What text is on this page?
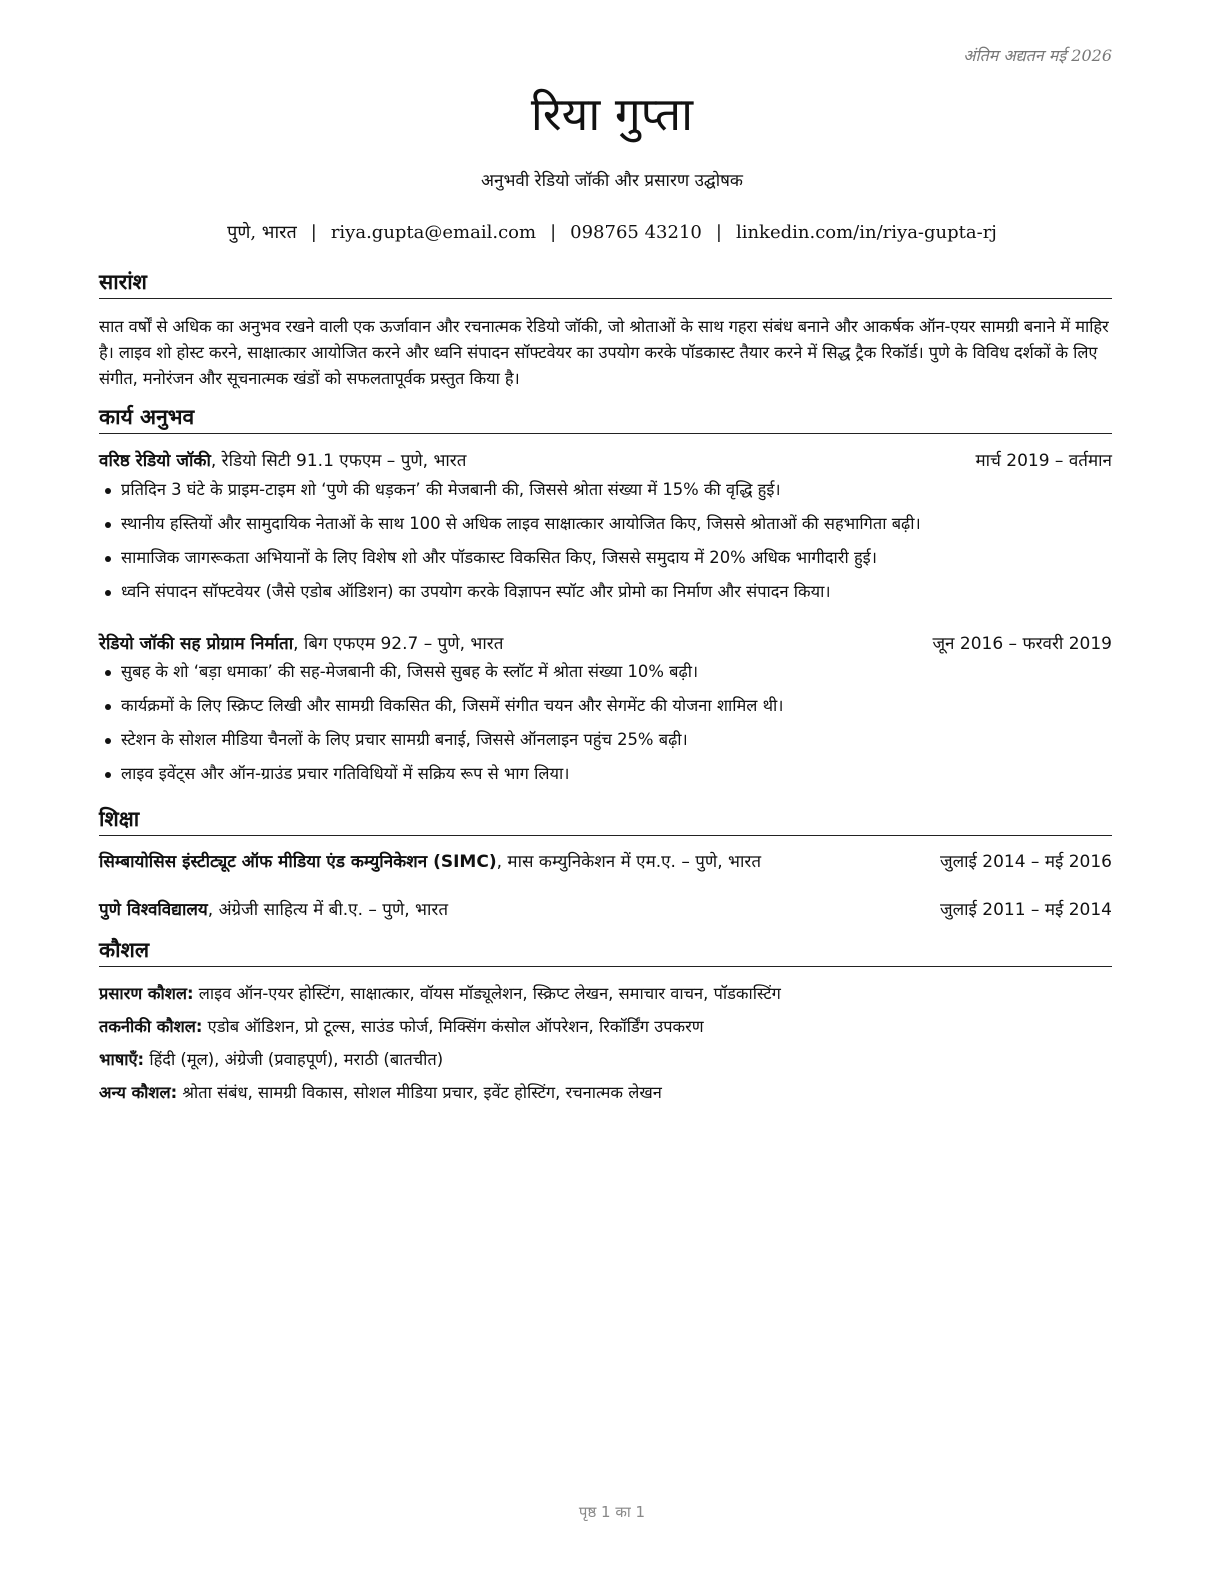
अंतिम अद्यतन मई 2026
रिया गुप्ता
अनुभवी रेडियो जॉकी और प्रसारण उद्घोषक
पुणे, भारत | riya.gupta@email.com | 098765 43210 | linkedin.com/in/riya-gupta-rj
सारांश

सात वर्षों से अधिक का अनुभव रखने वाली एक ऊर्जावान और रचनात्मक रेडियो जॉकी, जो श्रोताओं के साथ गहरा संबंध बनाने और आकर्षक ऑन-एयर सामग्री बनाने में माहिर है। लाइव शो होस्ट करने, साक्षात्कार आयोजित करने और ध्वनि संपादन सॉफ्टवेयर का उपयोग करके पॉडकास्ट तैयार करने में सिद्ध ट्रैक रिकॉर्ड। पुणे के विविध दर्शकों के लिए संगीत, मनोरंजन और सूचनात्मक खंडों को सफलतापूर्वक प्रस्तुत किया है।

कार्य अनुभव
वरिष्ठ रेडियो जॉकी, रेडियो सिटी 91.1 एफएम – पुणे, भारत	मार्च 2019 – वर्तमान
प्रतिदिन 3 घंटे के प्राइम-टाइम शो ‘पुणे की धड़कन’ की मेजबानी की, जिससे श्रोता संख्या में 15% की वृद्धि हुई।
स्थानीय हस्तियों और सामुदायिक नेताओं के साथ 100 से अधिक लाइव साक्षात्कार आयोजित किए, जिससे श्रोताओं की सहभागिता बढ़ी।
सामाजिक जागरूकता अभियानों के लिए विशेष शो और पॉडकास्ट विकसित किए, जिससे समुदाय में 20% अधिक भागीदारी हुई।
ध्वनि संपादन सॉफ्टवेयर (जैसे एडोब ऑडिशन) का उपयोग करके विज्ञापन स्पॉट और प्रोमो का निर्माण और संपादन किया।
रेडियो जॉकी सह प्रोग्राम निर्माता, बिग एफएम 92.7 – पुणे, भारत	जून 2016 – फरवरी 2019
सुबह के शो ‘बड़ा धमाका’ की सह-मेजबानी की, जिससे सुबह के स्लॉट में श्रोता संख्या 10% बढ़ी।
कार्यक्रमों के लिए स्क्रिप्ट लिखी और सामग्री विकसित की, जिसमें संगीत चयन और सेगमेंट की योजना शामिल थी।
स्टेशन के सोशल मीडिया चैनलों के लिए प्रचार सामग्री बनाई, जिससे ऑनलाइन पहुंच 25% बढ़ी।
लाइव इवेंट्स और ऑन-ग्राउंड प्रचार गतिविधियों में सक्रिय रूप से भाग लिया।
शिक्षा
सिम्बायोसिस इंस्टीट्यूट ऑफ मीडिया एंड कम्युनिकेशन (SIMC), मास कम्युनिकेशन में एम.ए. – पुणे, भारत	जुलाई 2014 – मई 2016
पुणे विश्वविद्यालय, अंग्रेजी साहित्य में बी.ए. – पुणे, भारत	जुलाई 2011 – मई 2014
कौशल
प्रसारण कौशल: लाइव ऑन-एयर होस्टिंग, साक्षात्कार, वॉयस मॉड्यूलेशन, स्क्रिप्ट लेखन, समाचार वाचन, पॉडकास्टिंग
तकनीकी कौशल: एडोब ऑडिशन, प्रो टूल्स, साउंड फोर्ज, मिक्सिंग कंसोल ऑपरेशन, रिकॉर्डिंग उपकरण
भाषाएँ: हिंदी (मूल), अंग्रेजी (प्रवाहपूर्ण), मराठी (बातचीत)
अन्य कौशल: श्रोता संबंध, सामग्री विकास, सोशल मीडिया प्रचार, इवेंट होस्टिंग, रचनात्मक लेखन
पृष्ठ 1 का 1
